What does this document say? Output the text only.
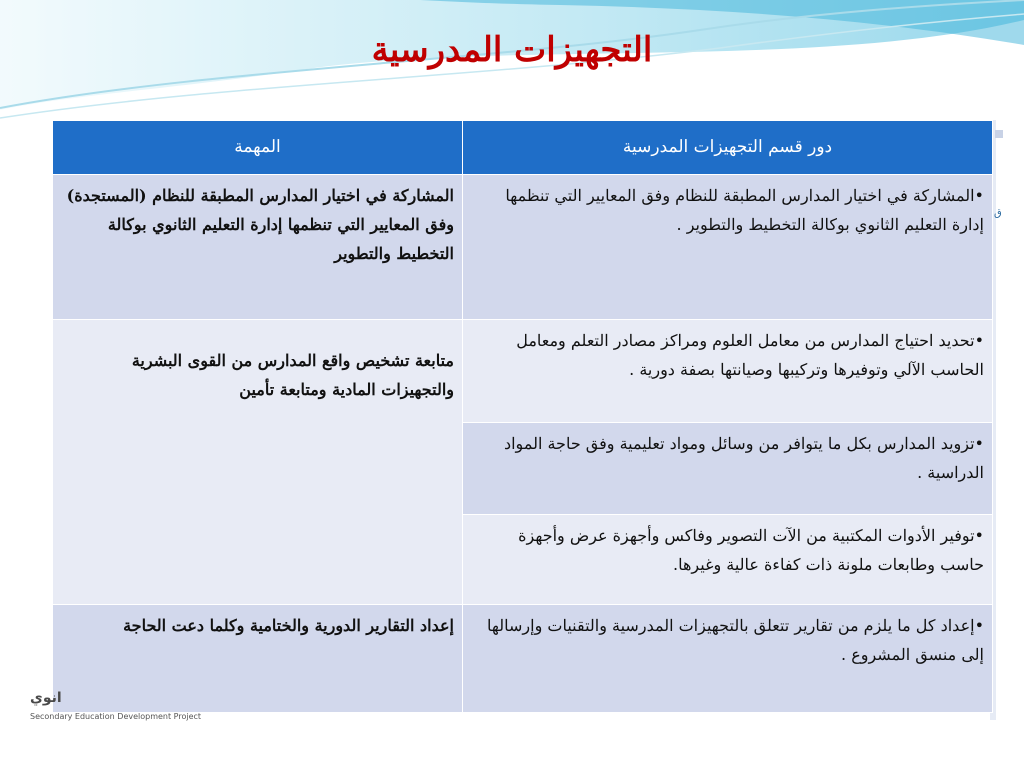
التجهيزات المدرسية
ق
دور قسم التجهيزات المدرسية	المهمة
•المشاركة في اختيار المدارس المطبقة للنظام وفق المعايير التي تنظمها إدارة التعليم الثانوي بوكالة التخطيط والتطوير .	المشاركة في اختيار المدارس المطبقة للنظام (المستجدة) وفق المعايير التي تنظمها إدارة التعليم الثانوي بوكالة التخطيط والتطوير
•تحديد احتياج المدارس من معامل العلوم ومراكز مصادر التعلم ومعامل الحاسب الآلي وتوفيرها وتركيبها وصيانتها بصفة دورية .	متابعة تشخيص واقع المدارس من القوى البشرية والتجهيزات المادية ومتابعة تأمين
•تزويد المدارس بكل ما يتوافر من وسائل ومواد تعليمية وفق حاجة المواد الدراسية .	
•توفير الأدوات المكتبية من الآت التصوير وفاكس وأجهزة عرض وأجهزة حاسب وطابعات ملونة ذات كفاءة عالية وغيرها.	
•إعداد كل ما يلزم من تقارير تتعلق بالتجهيزات المدرسية والتقنيات وإرسالها إلى منسق المشروع .	إعداد التقارير الدورية والختامية وكلما دعت الحاجة
انوي
Secondary Education Development Project
